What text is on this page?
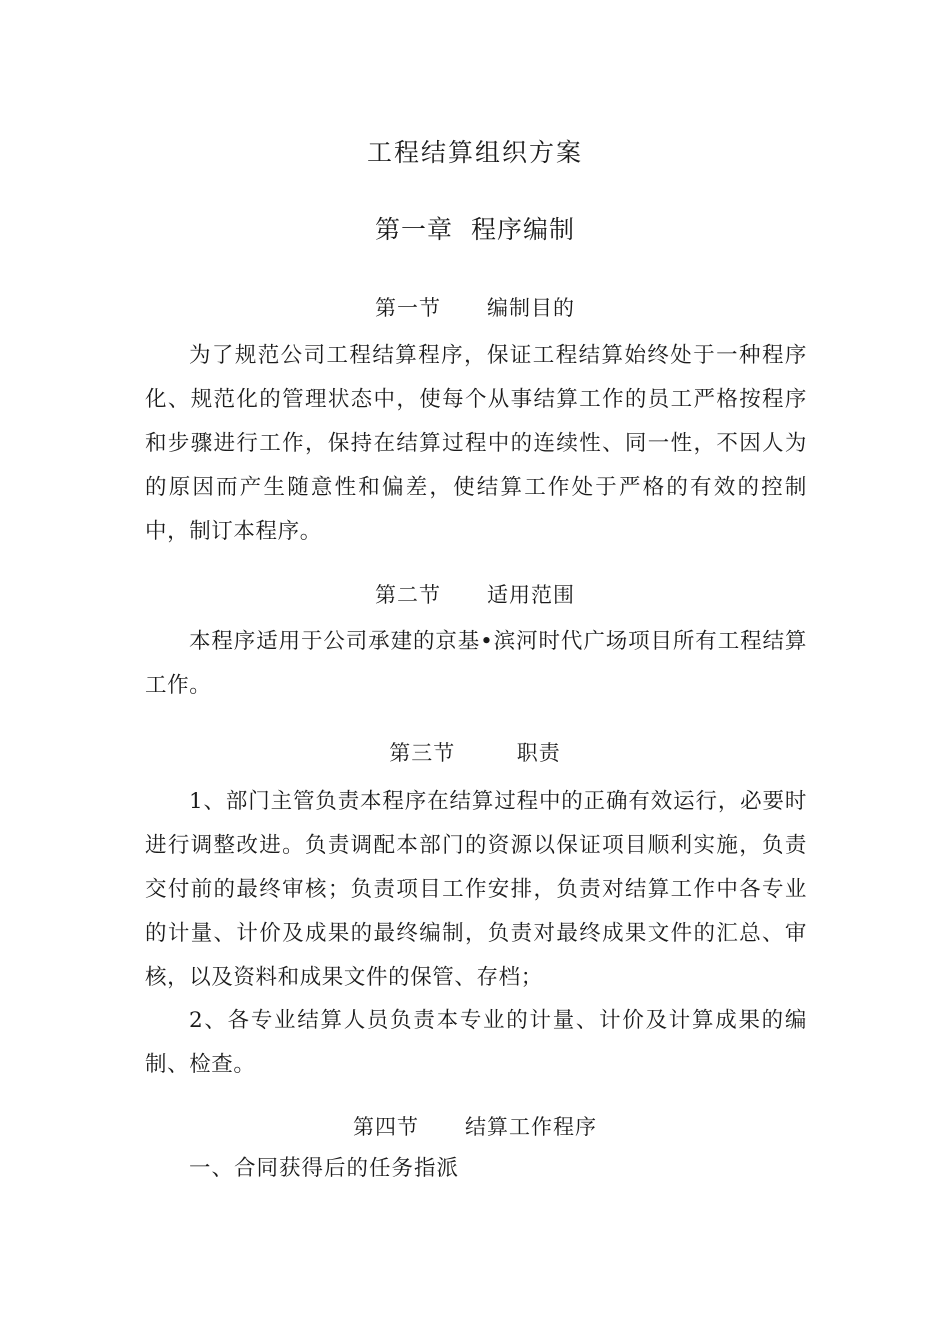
工程结算组织方案
第一章  程序编制
第一节      编制目的
为了规范公司工程结算程序，保证工程结算始终处于一种程序化、规范化的管理状态中，使每个从事结算工作的员工严格按程序和步骤进行工作，保持在结算过程中的连续性、同一性，不因人为的原因而产生随意性和偏差，使结算工作处于严格的有效的控制中，制订本程序。
第二节      适用范围
本程序适用于公司承建的京基•滨河时代广场项目所有工程结算工作。
第三节        职责
1、部门主管负责本程序在结算过程中的正确有效运行，必要时进行调整改进。负责调配本部门的资源以保证项目顺利实施，负责交付前的最终审核；负责项目工作安排，负责对结算工作中各专业的计量、计价及成果的最终编制，负责对最终成果文件的汇总、审核，以及资料和成果文件的保管、存档；
2、各专业结算人员负责本专业的计量、计价及计算成果的编制、检查。
第四节      结算工作程序
一、合同获得后的任务指派
